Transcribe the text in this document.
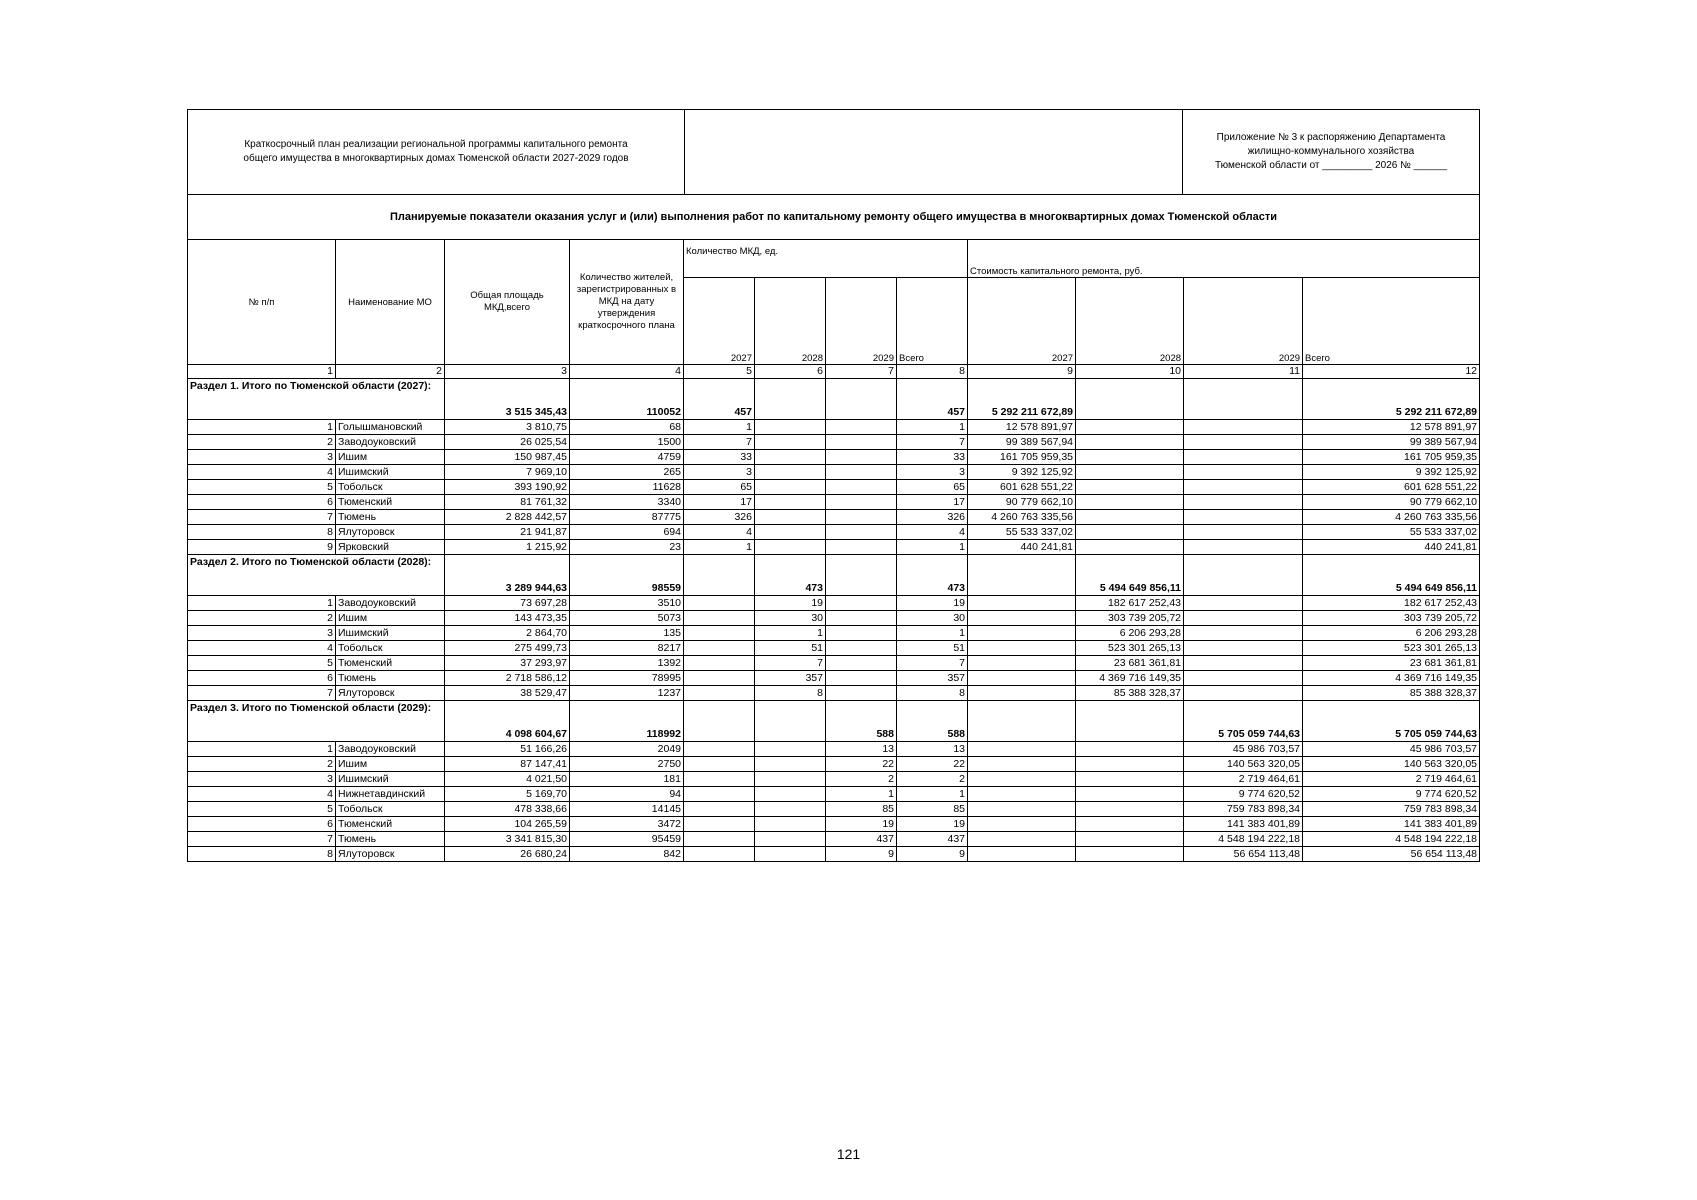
Краткосрочный план реализации региональной программы капитального ремонта
общего имущества в многоквартирных домах Тюменской области 2027-2029 годов

Приложение № 3 к распоряжению Департамента
жилищно-коммунального хозяйства
Тюменской области от _________ 2026 № ______

Планируемые показатели оказания услуг и (или) выполнения работ по капитальному ремонту общего имущества в многоквартирных домах Тюменской области
№ п/п	Наименование МО	Общая площадь МКД,всего	Количество жителей, зарегистрированных в МКД на дату утверждения краткосрочного плана	Количество МКД, ед.				Стоимость капитального ремонта, руб.			
				2027	2028	2029	Всего	2027	2028	2029	Всего
1	2	3	4	5	6	7	8	9	10	11	12
Раздел 1. Итого по Тюменской области (2027):		3 515 345,43	110052	457			457	5 292 211 672,89			5 292 211 672,89
1	Голышмановский	3 810,75	68	1			1	12 578 891,97			12 578 891,97
2	Заводоуковский	26 025,54	1500	7			7	99 389 567,94			99 389 567,94
3	Ишим	150 987,45	4759	33			33	161 705 959,35			161 705 959,35
4	Ишимский	7 969,10	265	3			3	9 392 125,92			9 392 125,92
5	Тобольск	393 190,92	11628	65			65	601 628 551,22			601 628 551,22
6	Тюменский	81 761,32	3340	17			17	90 779 662,10			90 779 662,10
7	Тюмень	2 828 442,57	87775	326			326	4 260 763 335,56			4 260 763 335,56
8	Ялуторовск	21 941,87	694	4			4	55 533 337,02			55 533 337,02
9	Ярковский	1 215,92	23	1			1	440 241,81			440 241,81
Раздел 2. Итого по Тюменской области (2028):		3 289 944,63	98559		473		473		5 494 649 856,11		5 494 649 856,11
1	Заводоуковский	73 697,28	3510		19		19		182 617 252,43		182 617 252,43
2	Ишим	143 473,35	5073		30		30		303 739 205,72		303 739 205,72
3	Ишимский	2 864,70	135		1		1		6 206 293,28		6 206 293,28
4	Тобольск	275 499,73	8217		51		51		523 301 265,13		523 301 265,13
5	Тюменский	37 293,97	1392		7		7		23 681 361,81		23 681 361,81
6	Тюмень	2 718 586,12	78995		357		357		4 369 716 149,35		4 369 716 149,35
7	Ялуторовск	38 529,47	1237		8		8		85 388 328,37		85 388 328,37
Раздел 3. Итого по Тюменской области (2029):		4 098 604,67	118992			588	588			5 705 059 744,63	5 705 059 744,63
1	Заводоуковский	51 166,26	2049			13	13			45 986 703,57	45 986 703,57
2	Ишим	87 147,41	2750			22	22			140 563 320,05	140 563 320,05
3	Ишимский	4 021,50	181			2	2			2 719 464,61	2 719 464,61
4	Нижнетавдинский	5 169,70	94			1	1			9 774 620,52	9 774 620,52
5	Тобольск	478 338,66	14145			85	85			759 783 898,34	759 783 898,34
6	Тюменский	104 265,59	3472			19	19			141 383 401,89	141 383 401,89
7	Тюмень	3 341 815,30	95459			437	437			4 548 194 222,18	4 548 194 222,18
8	Ялуторовск	26 680,24	842			9	9			56 654 113,48	56 654 113,48
121
